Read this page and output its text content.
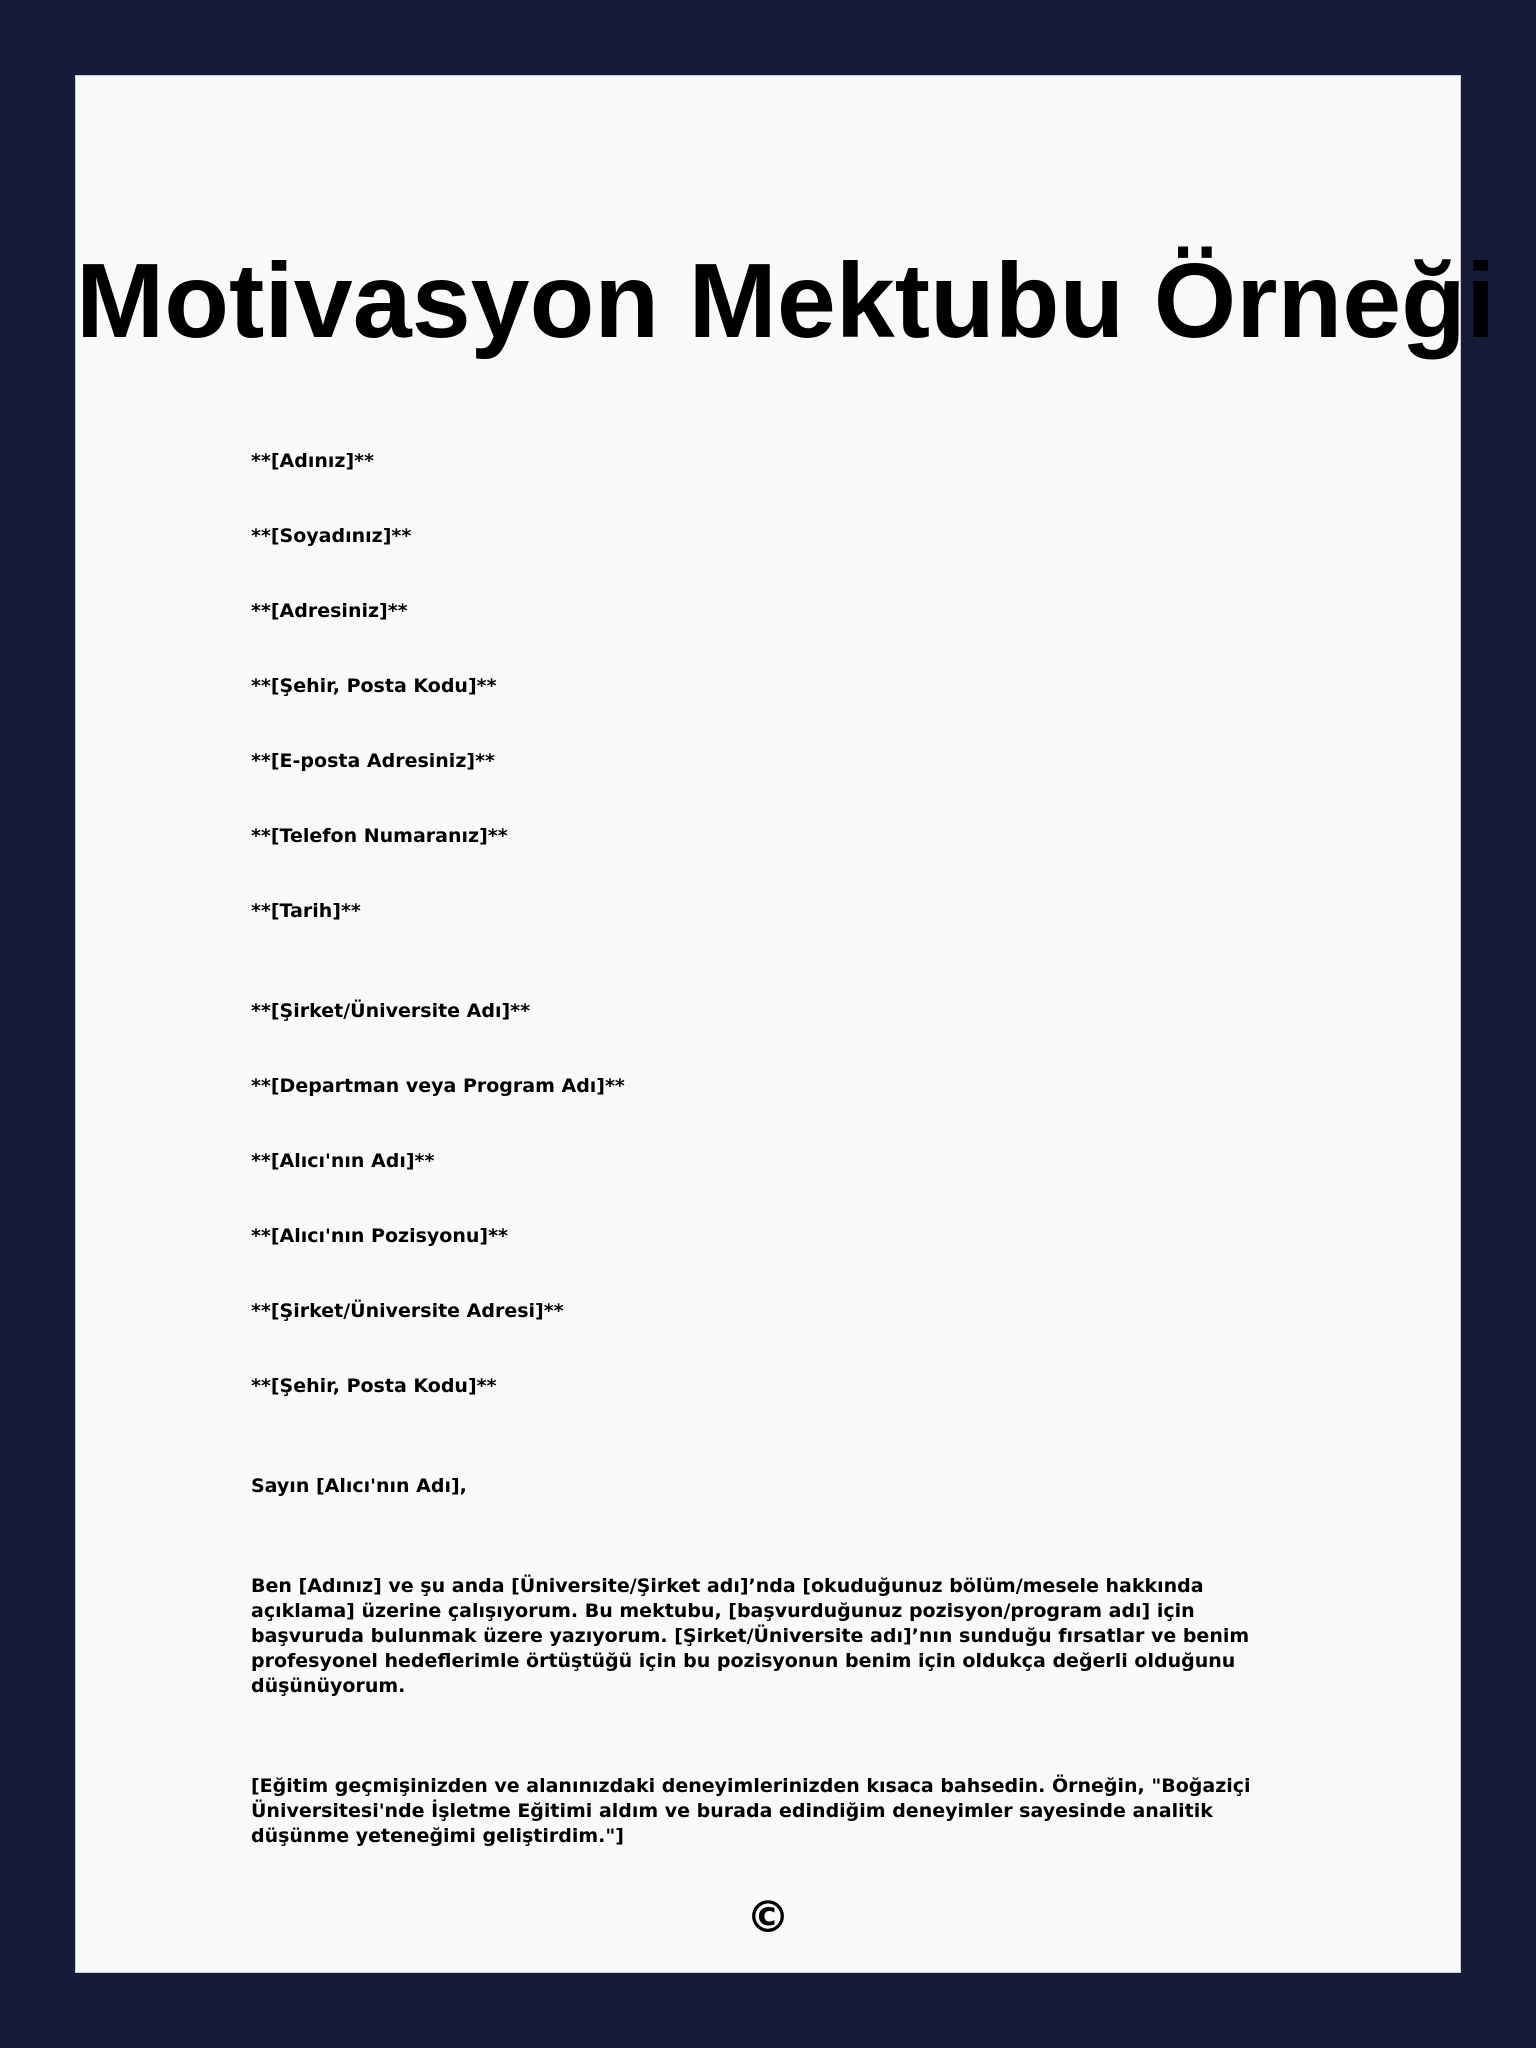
Motivasyon Mektubu Örneği

**[Adınız]**

**[Soyadınız]**

**[Adresiniz]**

**[Şehir, Posta Kodu]**

**[E-posta Adresiniz]**

**[Telefon Numaranız]**

**[Tarih]**

**[Şirket/Üniversite Adı]**

**[Departman veya Program Adı]**

**[Alıcı'nın Adı]**

**[Alıcı'nın Pozisyonu]**

**[Şirket/Üniversite Adresi]**

**[Şehir, Posta Kodu]**

Sayın [Alıcı'nın Adı],

Ben [Adınız] ve şu anda [Üniversite/Şirket adı]’nda [okuduğunuz bölüm/mesele hakkında açıklama] üzerine çalışıyorum. Bu mektubu, [başvurduğunuz pozisyon/program adı] için başvuruda bulunmak üzere yazıyorum. [Şirket/Üniversite adı]’nın sunduğu fırsatlar ve benim profesyonel hedeflerimle örtüştüğü için bu pozisyonun benim için oldukça değerli olduğunu düşünüyorum.

[Eğitim geçmişinizden ve alanınızdaki deneyimlerinizden kısaca bahsedin. Örneğin, "Boğaziçi Üniversitesi'nde İşletme Eğitimi aldım ve burada edindiğim deneyimler sayesinde analitik düşünme yeteneğimi geliştirdim."]

©
